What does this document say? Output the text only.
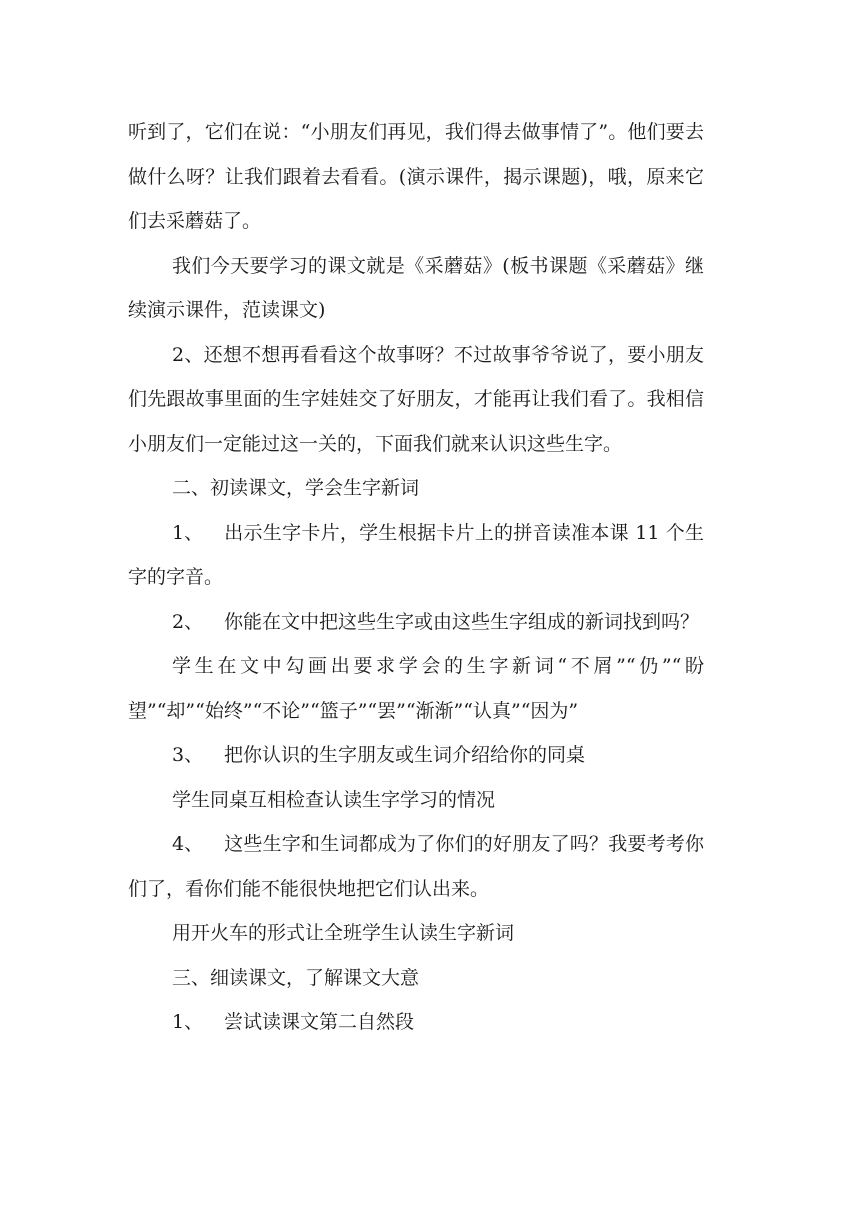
听到了，它们在说：“小朋友们再见，我们得去做事情了”。他们要去做什么呀？让我们跟着去看看。(演示课件，揭示课题)，哦，原来它们去采蘑菇了。

我们今天要学习的课文就是《采蘑菇》(板书课题《采蘑菇》继续演示课件，范读课文)

2、还想不想再看看这个故事呀？不过故事爷爷说了，要小朋友们先跟故事里面的生字娃娃交了好朋友，才能再让我们看了。我相信小朋友们一定能过这一关的，下面我们就来认识这些生字。

二、初读课文，学会生字新词

1、 出示生字卡片，学生根据卡片上的拼音读准本课 11 个生字的字音。

2、 你能在文中把这些生字或由这些生字组成的新词找到吗？

学生在文中勾画出要求学会的生字新词“不屑”“仍”“盼望”“却”“始终”“不论”“篮子”“罢”“渐渐”“认真”“因为”

3、 把你认识的生字朋友或生词介绍给你的同桌

学生同桌互相检查认读生字学习的情况

4、 这些生字和生词都成为了你们的好朋友了吗？我要考考你们了，看你们能不能很快地把它们认出来。

用开火车的形式让全班学生认读生字新词

三、细读课文，了解课文大意

1、 尝试读课文第二自然段
